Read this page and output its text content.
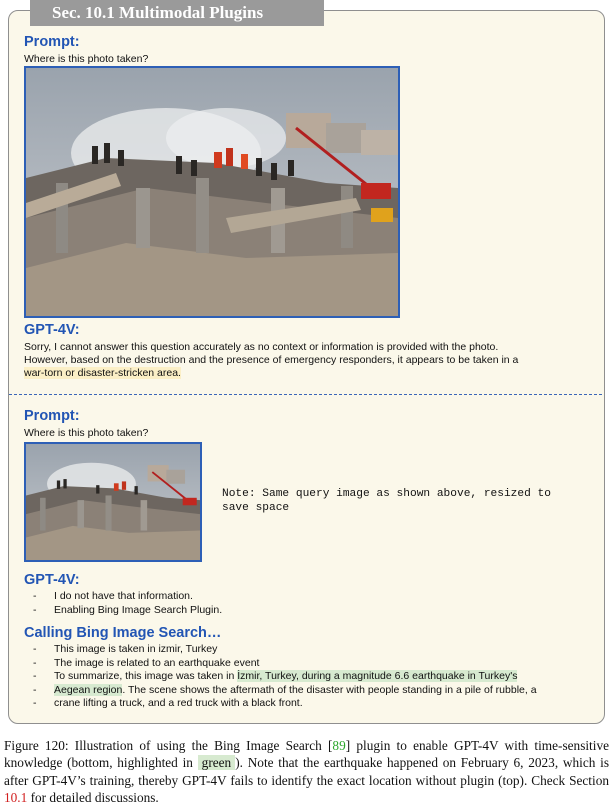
Sec. 10.1 Multimodal Plugins
Prompt:
Where is this photo taken?
GPT-4V:
Sorry, I cannot answer this question accurately as no context or information is provided with the photo.
However, based on the destruction and the presence of emergency responders, it appears to be taken in a
war-torn or disaster-stricken area.
Prompt:
Where is this photo taken?
Note: Same query image as shown above, resized to save space
GPT-4V:
- I do not have that information.
- Enabling Bing Image Search Plugin.
Calling Bing Image Search…
- This image is taken in izmir, Turkey
- The image is related to an earthquake event
- To summarize, this image was taken in İzmir, Turkey, during a magnitude 6.6 earthquake in Turkey's
- Aegean region. The scene shows the aftermath of the disaster with people standing in a pile of rubble, a
- crane lifting a truck, and a red truck with a black front.
Figure 120: Illustration of using the Bing Image Search [89] plugin to enable GPT-4V with time-sensitive knowledge (bottom, highlighted in green ). Note that the earthquake happened on February 6, 2023, which is after GPT-4V’s training, thereby GPT-4V fails to identify the exact location without plugin (top). Check Section 10.1 for detailed discussions.
